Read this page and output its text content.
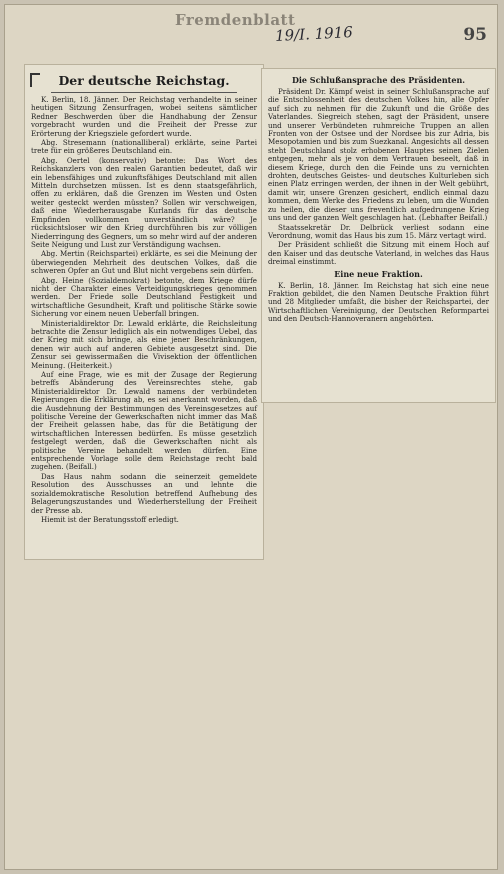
Fremdenblatt
19/I. 1916	95
Der deutsche Reichstag.

K. Berlin, 18. Jänner. Der Reichstag verhandelte in seiner heutigen Sitzung Zensurfragen, wobei seitens sämtlicher Redner Beschwerden über die Handhabung der Zensur vorgebracht wurden und die Freiheit der Presse zur Erörterung der Kriegsziele gefordert wurde.

Abg. Stresemann (nationalliberal) erklärte, seine Partei trete für ein größeres Deutschland ein.

Abg. Oertel (konservativ) betonte: Das Wort des Reichskanzlers von den realen Garantien bedeutet, daß wir ein lebensfähiges und zukunftsfähiges Deutschland mit allen Mitteln durchsetzen müssen. Ist es denn staatsgefährlich, offen zu erklären, daß die Grenzen im Westen und Osten weiter gesteckt werden müssten? Sollen wir verschweigen, daß eine Wiederherausgabe Kurlands für das deutsche Empfinden vollkommen unverständlich wäre? Je rücksichtsloser wir den Krieg durchführen bis zur völligen Niederringung des Gegners, um so mehr wird auf der anderen Seite Neigung und Lust zur Verständigung wachsen.

Abg. Mertin (Reichspartei) erklärte, es sei die Meinung der überwiegenden Mehrheit des deutschen Volkes, daß die schweren Opfer an Gut und Blut nicht vergebens sein dürfen.

Abg. Heine (Sozialdemokrat) betonte, dem Kriege dürfe nicht der Charakter eines Verteidigungskrieges genommen werden. Der Friede solle Deutschland Festigkeit und wirtschaftliche Gesundheit, Kraft und politische Stärke sowie Sicherung vor einem neuen Ueberfall bringen.

Ministerialdirektor Dr. Lewald erklärte, die Reichsleitung betrachte die Zensur lediglich als ein notwendiges Uebel, das der Krieg mit sich bringe, als eine jener Beschränkungen, denen wir auch auf anderen Gebiete ausgesetzt sind. Die Zensur sei gewissermaßen die Vivisektion der öffentlichen Meinung. (Heiterkeit.)

Auf eine Frage, wie es mit der Zusage der Regierung betreffs Abänderung des Vereinsrechtes stehe, gab Ministerialdirektor Dr. Lewald namens der verbündeten Regierungen die Erklärung ab, es sei anerkannt worden, daß die Ausdehnung der Bestimmungen des Vereinsgesetzes auf politische Vereine der Gewerkschaften nicht immer das Maß der Freiheit gelassen habe, das für die Betätigung der wirtschaftlichen Interessen bedürfen. Es müsse gesetzlich festgelegt werden, daß die Gewerkschaften nicht als politische Vereine behandelt werden dürfen. Eine entsprechende Vorlage solle dem Reichstage recht bald zugehen. (Beifall.)

Das Haus nahm sodann die seinerzeit gemeldete Resolution des Ausschusses an und lehnte die sozialdemokratische Resolution betreffend Aufhebung des Belagerungszustandes und Wiederherstellung der Freiheit der Presse ab.

Hiemit ist der Beratungsstoff erledigt.

Die Schlußansprache des Präsidenten.

Präsident Dr. Kämpf weist in seiner Schlußansprache auf die Entschlossenheit des deutschen Volkes hin, alle Opfer auf sich zu nehmen für die Zukunft und die Größe des Vaterlandes. Siegreich stehen, sagt der Präsident, unsere und unserer Verbündeten ruhmreiche Truppen an allen Fronten von der Ostsee und der Nordsee bis zur Adria, bis Mesopotamien und bis zum Suezkanal. Angesichts all dessen steht Deutschland stolz erhobenen Hauptes seinen Zielen entgegen, mehr als je von dem Vertrauen beseelt, daß in diesem Kriege, durch den die Feinde uns zu vernichten drohten, deutsches Geistes- und deutsches Kulturleben sich einen Platz erringen werden, der ihnen in der Welt gebührt, damit wir, unsere Grenzen gesichert, endlich einmal dazu kommen, dem Werke des Friedens zu leben, um die Wunden zu heilen, die dieser uns freventlich aufgedrungene Krieg uns und der ganzen Welt geschlagen hat. (Lebhafter Beifall.)

Staatssekretär Dr. Delbrück verliest sodann eine Verordnung, womit das Haus bis zum 15. März vertagt wird.

Der Präsident schließt die Sitzung mit einem Hoch auf den Kaiser und das deutsche Vaterland, in welches das Haus dreimal einstimmt.

Eine neue Fraktion.

K. Berlin, 18. Jänner. Im Reichstag hat sich eine neue Fraktion gebildet, die den Namen Deutsche Fraktion führt und 28 Mitglieder umfaßt, die bisher der Reichspartei, der Wirtschaftlichen Vereinigung, der Deutschen Reformpartei und den Deutsch-Hannoveranern angehörten.
